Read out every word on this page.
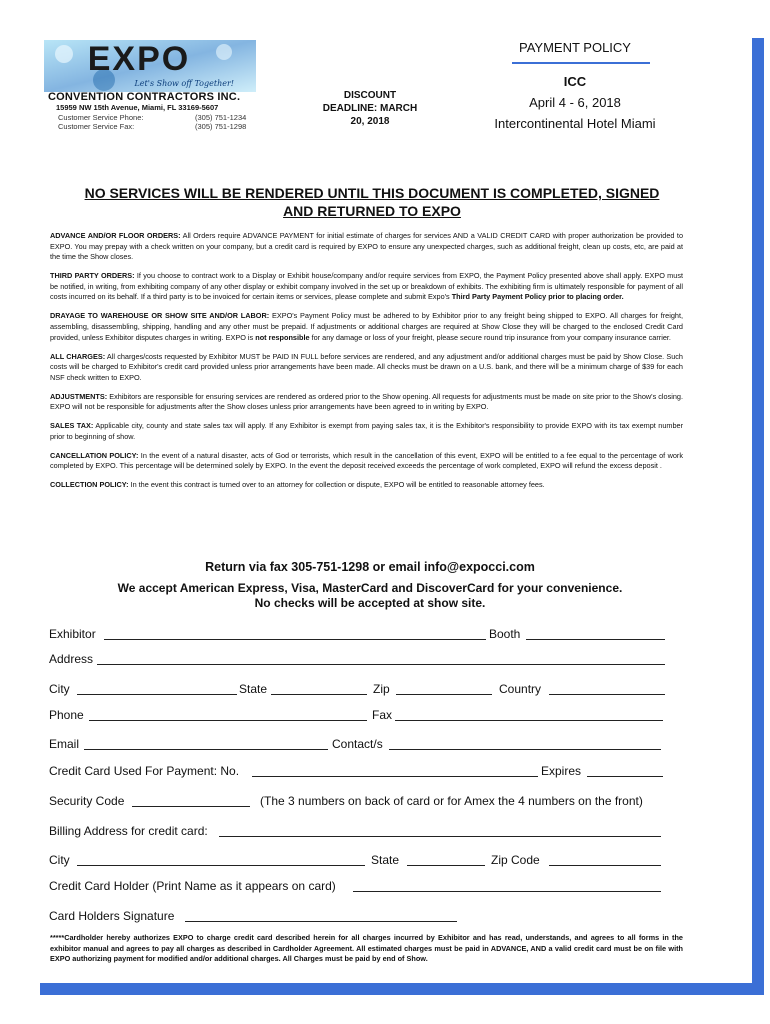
EXPO
Let's Show off Together!
CONVENTION CONTRACTORS INC.
15959 NW 15th Avenue, Miami, FL 33169-5607
Customer Service Phone:	(305) 751-1234
Customer Service Fax:	(305) 751-1298
DISCOUNT
DEADLINE: MARCH
20, 2018
PAYMENT POLICY
ICC
April 4 - 6, 2018
Intercontinental Hotel Miami
NO SERVICES WILL BE RENDERED UNTIL THIS DOCUMENT IS COMPLETED, SIGNED
AND RETURNED TO EXPO

ADVANCE AND/OR FLOOR ORDERS: All Orders require ADVANCE PAYMENT for initial estimate of charges for services AND a VALID CREDIT CARD with proper authorization be provided to EXPO. You may prepay with a check written on your company, but a credit card is required by EXPO to ensure any unexpected charges, such as additional freight, clean up costs, etc, are paid at the time the Show closes.

THIRD PARTY ORDERS: If you choose to contract work to a Display or Exhibit house/company and/or require services from EXPO, the Payment Policy presented above shall apply. EXPO must be notified, in writing, from exhibiting company of any other display or exhibit company involved in the set up or breakdown of exhibits. The exhibiting firm is ultimately responsible for payment of all costs incurred on its behalf. If a third party is to be invoiced for certain items or services, please complete and submit Expo's Third Party Payment Policy prior to placing order.

DRAYAGE TO WAREHOUSE OR SHOW SITE AND/OR LABOR: EXPO's Payment Policy must be adhered to by Exhibitor prior to any freight being shipped to EXPO. All charges for freight, assembling, disassembling, shipping, handling and any other must be prepaid. If adjustments or additional charges are required at Show Close they will be charged to the enclosed Credit Card provided, unless Exhibitor disputes charges in writing. EXPO is not responsible for any damage or loss of your freight, please secure round trip insurance from your company insurance carrier.

ALL CHARGES: All charges/costs requested by Exhibitor MUST be PAID IN FULL before services are rendered, and any adjustment and/or additional charges must be paid by Show Close. Such costs will be charged to Exhibitor's credit card provided unless prior arrangements have been made. All checks must be drawn on a U.S. bank, and there will be a minimum charge of $39 for each NSF check written to EXPO.

ADJUSTMENTS: Exhibitors are responsible for ensuring services are rendered as ordered prior to the Show opening. All requests for adjustments must be made on site prior to the Show's closing. EXPO will not be responsible for adjustments after the Show closes unless prior arrangements have been agreed to in writing by EXPO.

SALES TAX: Applicable city, county and state sales tax will apply. If any Exhibitor is exempt from paying sales tax, it is the Exhibitor's responsibility to provide EXPO with its tax exempt number prior to beginning of show.

CANCELLATION POLICY: In the event of a natural disaster, acts of God or terrorists, which result in the cancellation of this event, EXPO will be entitled to a fee equal to the percentage of work completed by EXPO. This percentage will be determined solely by EXPO. In the event the deposit received exceeds the percentage of work completed, EXPO will refund the excess deposit .

COLLECTION POLICY: In the event this contract is turned over to an attorney for collection or dispute, EXPO will be entitled to reasonable attorney fees.

Return via fax 305-751-1298 or email info@expocci.com
We accept American Express, Visa, MasterCard and DiscoverCard for your convenience.
No checks will be accepted at show site.
Exhibitor	Booth
Address
City	State	Zip	Country
Phone	Fax
Email	Contact/s
Credit Card Used For Payment: No.	Expires
Security Code	(The 3 numbers on back of card or for Amex the 4 numbers on the front)
Billing Address for credit card:
City	State	Zip Code
Credit Card Holder (Print Name as it appears on card)
Card Holders Signature
*****Cardholder hereby authorizes EXPO to charge credit card described herein for all charges incurred by Exhibitor and has read, understands, and agrees to all forms in the exhibitor manual and agrees to pay all charges as described in Cardholder Agreement. All estimated charges must be paid in ADVANCE, AND a valid credit card must be on file with EXPO authorizing payment for modified and/or additional charges. All Charges must be paid by end of Show.
